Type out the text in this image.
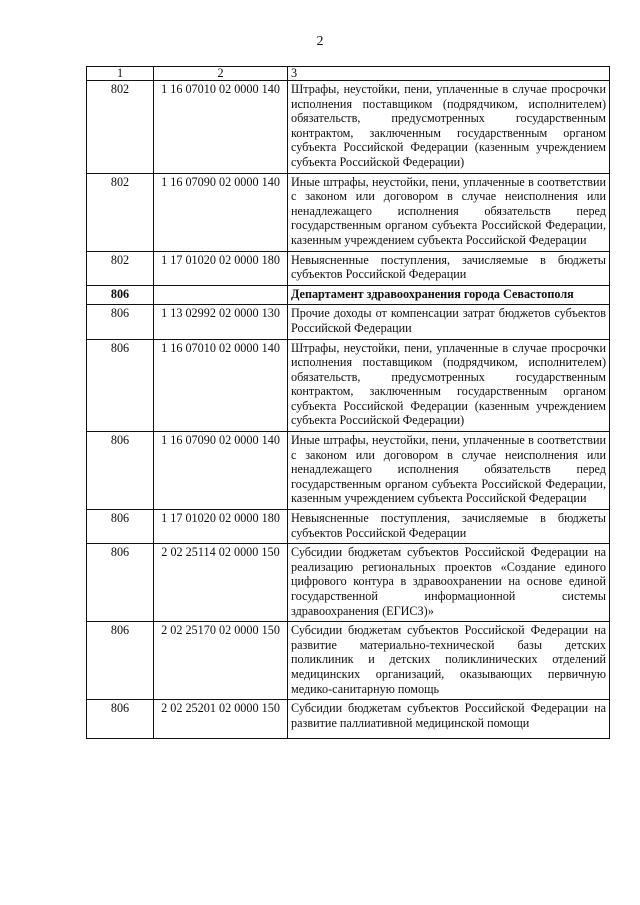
2
1	2	3
802	1 16 07010 02 0000 140	Штрафы, неустойки, пени, уплаченные в случае просрочки исполнения поставщиком (подрядчиком, исполнителем) обязательств, предусмотренных государственным контрактом, заключенным государственным органом субъекта Российской Федерации (казенным учреждением субъекта Российской Федерации)
802	1 16 07090 02 0000 140	Иные штрафы, неустойки, пени, уплаченные в соответствии с законом или договором в случае неисполнения или ненадлежащего исполнения обязательств перед государственным органом субъекта Российской Федерации, казенным учреждением субъекта Российской Федерации
802	1 17 01020 02 0000 180	Невыясненные поступления, зачисляемые в бюджеты субъектов Российской Федерации
806		Департамент здравоохранения города Севастополя
806	1 13 02992 02 0000 130	Прочие доходы от компенсации затрат бюджетов субъектов Российской Федерации
806	1 16 07010 02 0000 140	Штрафы, неустойки, пени, уплаченные в случае просрочки исполнения поставщиком (подрядчиком, исполнителем) обязательств, предусмотренных государственным контрактом, заключенным государственным органом субъекта Российской Федерации (казенным учреждением субъекта Российской Федерации)
806	1 16 07090 02 0000 140	Иные штрафы, неустойки, пени, уплаченные в соответствии с законом или договором в случае неисполнения или ненадлежащего исполнения обязательств перед государственным органом субъекта Российской Федерации, казенным учреждением субъекта Российской Федерации
806	1 17 01020 02 0000 180	Невыясненные поступления, зачисляемые в бюджеты субъектов Российской Федерации
806	2 02 25114 02 0000 150	Субсидии бюджетам субъектов Российской Федерации на реализацию региональных проектов «Создание единого цифрового контура в здравоохранении на основе единой государственной информационной системы здравоохранения (ЕГИСЗ)»
806	2 02 25170 02 0000 150	Субсидии бюджетам субъектов Российской Федерации на развитие материально-технической базы детских поликлиник и детских поликлинических отделений медицинских организаций, оказывающих первичную медико-санитарную помощь
806	2 02 25201 02 0000 150	Субсидии бюджетам субъектов Российской Федерации на развитие паллиативной медицинской помощи
